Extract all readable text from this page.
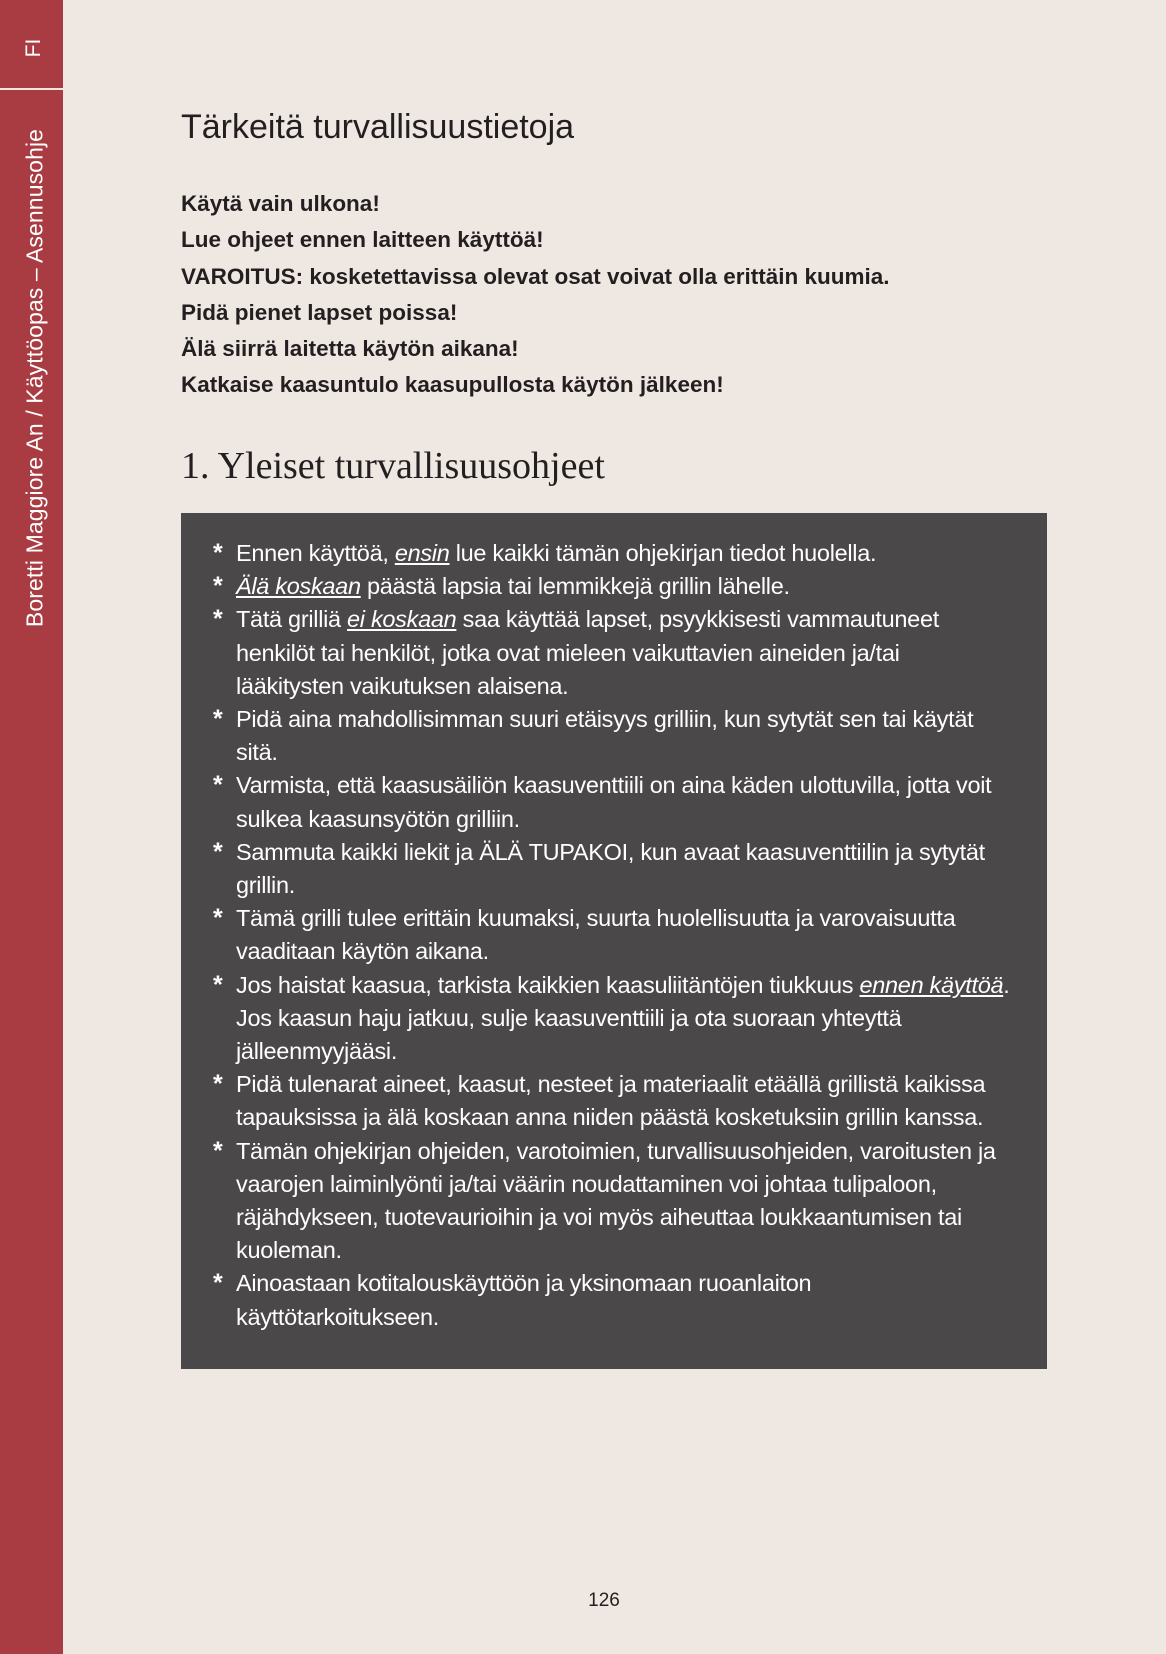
FI
Boretti Maggiore An / Käyttöopas – Asennusohje
Tärkeitä turvallisuustietoja
Käytä vain ulkona!
Lue ohjeet ennen laitteen käyttöä!
VAROITUS: kosketettavissa olevat osat voivat olla erittäin kuumia.
Pidä pienet lapset poissa!
Älä siirrä laitetta käytön aikana!
Katkaise kaasuntulo kaasupullosta käytön jälkeen!
1. Yleiset turvallisuusohjeet
* Ennen käyttöä, ensin lue kaikki tämän ohjekirjan tiedot huolella.
* Älä koskaan päästä lapsia tai lemmikkejä grillin lähelle.
* Tätä grilliä ei koskaan saa käyttää lapset, psyykkisesti vammautuneet henkilöt tai henkilöt, jotka ovat mieleen vaikuttavien aineiden ja/tai lääkitysten vaikutuksen alaisena.
* Pidä aina mahdollisimman suuri etäisyys grilliin, kun sytytät sen tai käytät sitä.
* Varmista, että kaasusäiliön kaasuventtiili on aina käden ulottuvilla, jotta voit sulkea kaasunsyötön grilliin.
* Sammuta kaikki liekit ja ÄLÄ TUPAKOI, kun avaat kaasuventtiilin ja sytytät grillin.
* Tämä grilli tulee erittäin kuumaksi, suurta huolellisuutta ja varovaisuutta vaaditaan käytön aikana.
* Jos haistat kaasua, tarkista kaikkien kaasuliitäntöjen tiukkuus ennen käyttöä. Jos kaasun haju jatkuu, sulje kaasuventtiili ja ota suoraan yhteyttä jälleenmyyjääsi.
* Pidä tulenarat aineet, kaasut, nesteet ja materiaalit etäällä grillistä kaikissa tapauksissa ja älä koskaan anna niiden päästä kosketuksiin grillin kanssa.
* Tämän ohjekirjan ohjeiden, varotoimien, turvallisuusohjeiden, varoitusten ja vaarojen laiminlyönti ja/tai väärin noudattaminen voi johtaa tulipaloon, räjähdykseen, tuotevaurioihin ja voi myös aiheuttaa loukkaantumisen tai kuoleman.
* Ainoastaan kotitalouskäyttöön ja yksinomaan ruoanlaiton käyttötarkoitukseen.
126
